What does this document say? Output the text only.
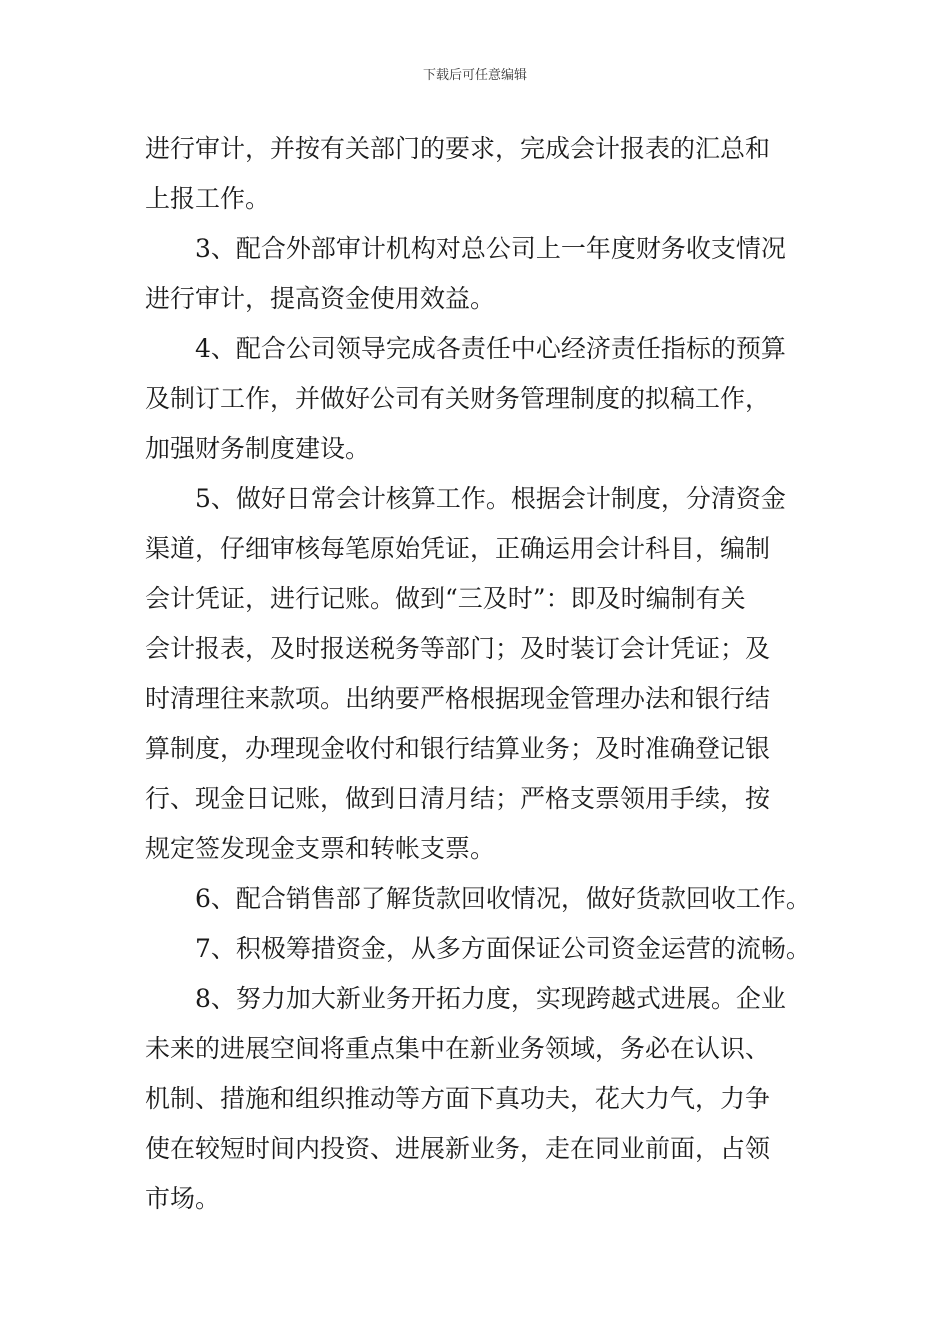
下载后可任意编辑

进行审计，并按有关部门的要求，完成会计报表的汇总和
上报工作。

3、配合外部审计机构对总公司上一年度财务收支情况
进行审计，提高资金使用效益。

4、配合公司领导完成各责任中心经济责任指标的预算
及制订工作，并做好公司有关财务管理制度的拟稿工作，
加强财务制度建设。

5、做好日常会计核算工作。根据会计制度，分清资金
渠道，仔细审核每笔原始凭证，正确运用会计科目，编制
会计凭证，进行记账。做到“三及时”：即及时编制有关
会计报表，及时报送税务等部门；及时装订会计凭证；及
时清理往来款项。出纳要严格根据现金管理办法和银行结
算制度，办理现金收付和银行结算业务；及时准确登记银
行、现金日记账，做到日清月结；严格支票领用手续，按
规定签发现金支票和转帐支票。

6、配合销售部了解货款回收情况，做好货款回收工作。

7、积极筹措资金，从多方面保证公司资金运营的流畅。

8、努力加大新业务开拓力度，实现跨越式进展。企业
未来的进展空间将重点集中在新业务领域，务必在认识、
机制、措施和组织推动等方面下真功夫，花大力气，力争
使在较短时间内投资、进展新业务，走在同业前面，占领
市场。
